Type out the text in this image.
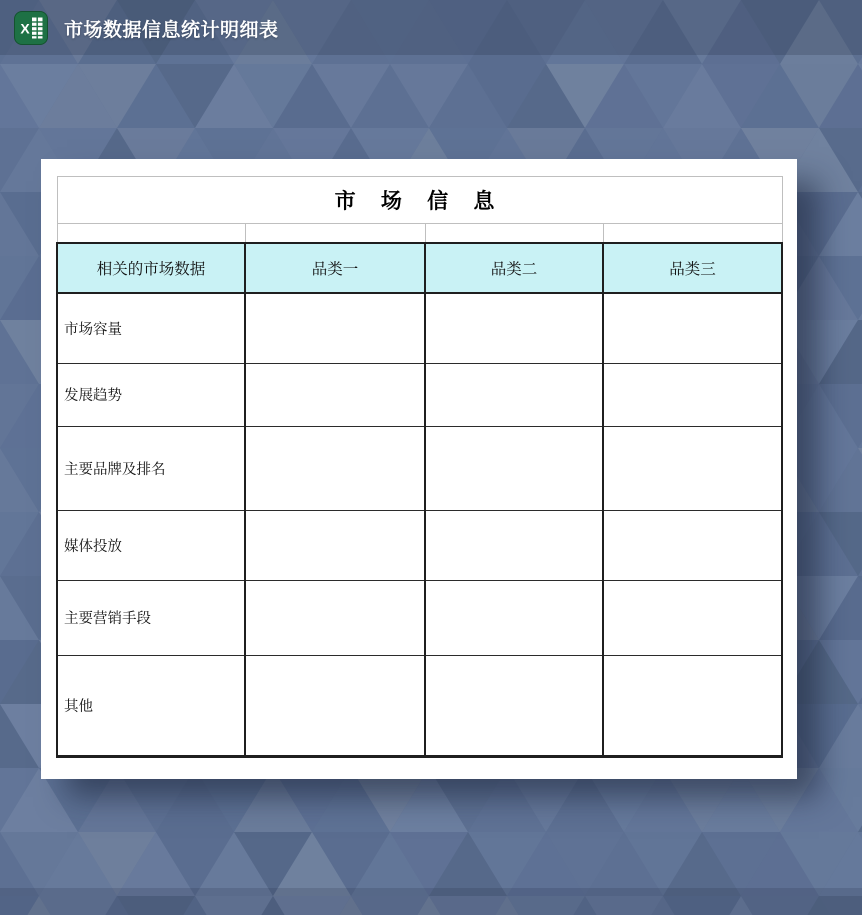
X 市场数据信息统计明细表
市 场 信 息			

相关的市场数据	品类一	品类二	品类三
市场容量			
发展趋势			
主要品牌及排名			
媒体投放			
主要营销手段			
其他			
